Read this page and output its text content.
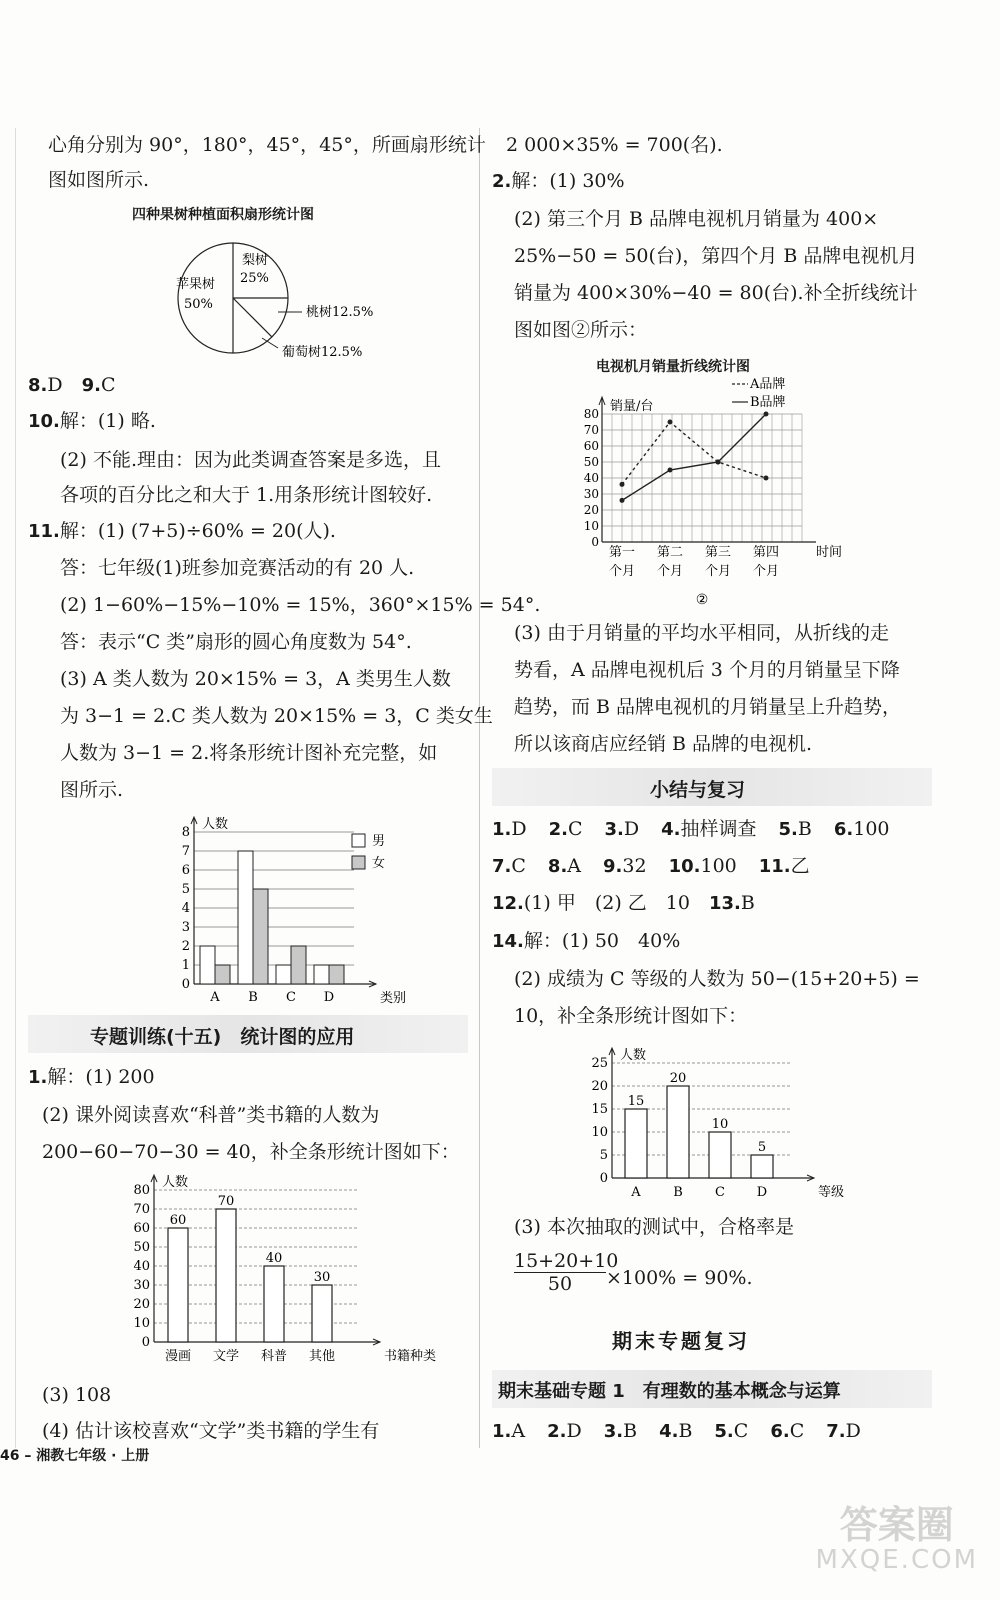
心角分别为 90°，180°，45°，45°，所画扇形统计
图如图所示.
四种果树种植面积扇形统计图
梨树
25%
苹果树
50%
桃树12.5%
葡萄树12.5%
8.D　 9.C
10.解：(1) 略.
(2) 不能.理由：因为此类调查答案是多选，且
各项的百分比之和大于 1.用条形统计图较好.
11.解：(1) (7+5)÷60% = 20(人).
答：七年级(1)班参加竞赛活动的有 20 人.
(2) 1−60%−15%−10% = 15%，360°×15% = 54°.
答：表示“C 类”扇形的圆心角度数为 54°.
(3) A 类人数为 20×15% = 3，A 类男生人数
为 3−1 = 2.C 类人数为 20×15% = 3，C 类女生
人数为 3−1 = 2.将条形统计图补充完整，如
图所示.
0
1
2
3
4
5
6
7
8
人数
类别
A B C D
男
女
专题训练(十五)　统计图的应用
1.解：(1) 200
(2) 课外阅读喜欢“科普”类书籍的人数为
200−60−70−30 = 40，补全条形统计图如下：
0
10
20
30
40
50
60
70
80
人数
书籍种类
60
漫画
70
文学
40
科普
30
其他
(3) 108
(4) 估计该校喜欢“文学”类书籍的学生有
2 000×35% = 700(名).
2.解：(1) 30%
(2) 第三个月 B 品牌电视机月销量为 400×
25%−50 = 50(台)，第四个月 B 品牌电视机月
销量为 400×30%−40 = 80(台).补全折线统计
图如图②所示：
电视机月销量折线统计图
0
10
20
30
40
50
60
70
80 销量/台
时间
第一
个月
第二
个月
第三
个月
第四
个月
A品牌
B品牌
②
(3) 由于月销量的平均水平相同，从折线的走
势看，A 品牌电视机后 3 个月的月销量呈下降
趋势，而 B 品牌电视机的月销量呈上升趋势，
所以该商店应经销 B 品牌的电视机.
小结与复习
1.D 2.C 3.D 4.抽样调查 5.B 6.100
7.C 8.A 9.32 10.100 11.乙
12.(1) 甲　(2) 乙　10　 13.B
14.解：(1) 50　40%
(2) 成绩为 C 等级的人数为 50−(15+20+5) =
10，补全条形统计图如下：
0
5
10
15
20
25
人数
等级
15
A
20
B
10
C
5
D
(3) 本次抽取的测试中，合格率是
$\frac{15+20+10}{50} \times 100\% = 90\%$.
期末专题复习
期末基础专题 1　有理数的基本概念与运算
1.A 2.D 3.B 4.B 5.C 6.C 7.D
46 – 湘教七年级 · 上册
答案圈
MXQE.COM
